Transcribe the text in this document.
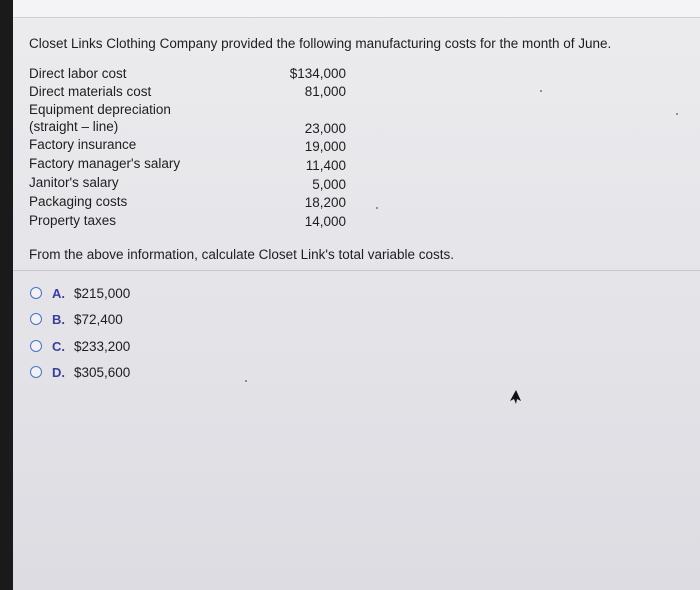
Closet Links Clothing Company provided the following manufacturing costs for the month of June.
Direct labor cost	$134,000
Direct materials cost	81,000
Equipment depreciation
(straight – line)	23,000
Factory insurance	19,000
Factory manager's salary	11,400
Janitor's salary	5,000
Packaging costs	18,200
Property taxes	14,000
From the above information, calculate Closet Link's total variable costs.
A. $215,000
B. $72,400
C. $233,200
D. $305,600
